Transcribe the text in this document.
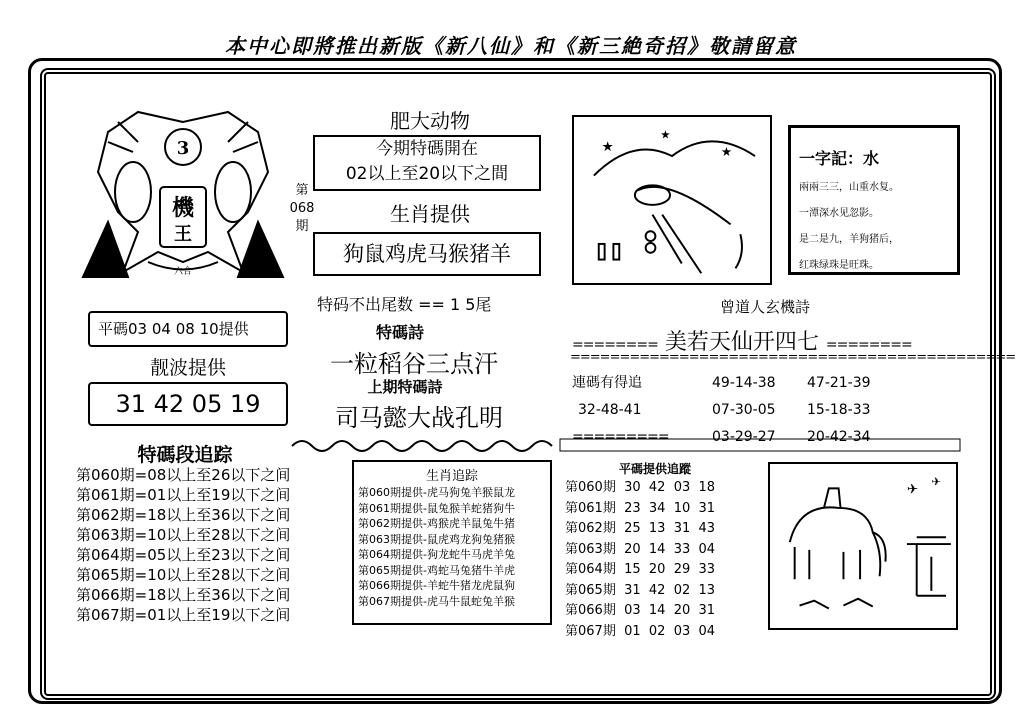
本中心即將推出新版《新八仙》和《新三絶奇招》敬請留意
3
機
王
六合
第
068
期
肥大动物
今期特碼開在
02以上至20以下之間
生肖提供
狗鼠鸡虎马猴猪羊
特码不出尾数 == 1 5尾
特碼詩
一粒稻谷三点汗
上期特碼詩
司马懿大战孔明
平碼03 04 08 10提供
靓波提供
31 42 05 19
特碼段追踪
第060期=08以上至26以下之间
第061期=01以上至19以下之间
第062期=18以上至36以下之间
第063期=10以上至28以下之间
第064期=05以上至23以下之间
第065期=10以上至28以下之间
第066期=18以上至36以下之间
第067期=01以上至19以下之间
生肖追踪
第060期提供-虎马狗兔羊猴鼠龙
第061期提供-鼠兔猴羊蛇猪狗牛
第062期提供-鸡猴虎羊鼠兔牛猪
第063期提供-鼠虎鸡龙狗兔猪猴
第064期提供-狗龙蛇牛马虎羊兔
第065期提供-鸡蛇马兔猪牛羊虎
第066期提供-羊蛇牛猪龙虎鼠狗
第067期提供-虎马牛鼠蛇兔羊猴
平碼提供追蹤
第060期 30 42 03 18
第061期 23 34 10 31
第062期 25 13 31 43
第063期 20 14 33 04
第064期 15 20 29 33
第065期 31 42 02 13
第066期 03 14 20 31
第067期 01 02 03 04
★
★
★	一字記：水
兩兩三三，山重水复。
一潭深水见忽影。
是二是九，羊狗猪后，
红珠绿珠是旺珠。
曾道人玄機詩
======== 美若天仙开四七 ========
=============================================
連碼有得追	49-14-38 47-21-39
32-48-41	07-30-05 15-18-33
=========	03-29-27 20-42-34
✈ ✈
